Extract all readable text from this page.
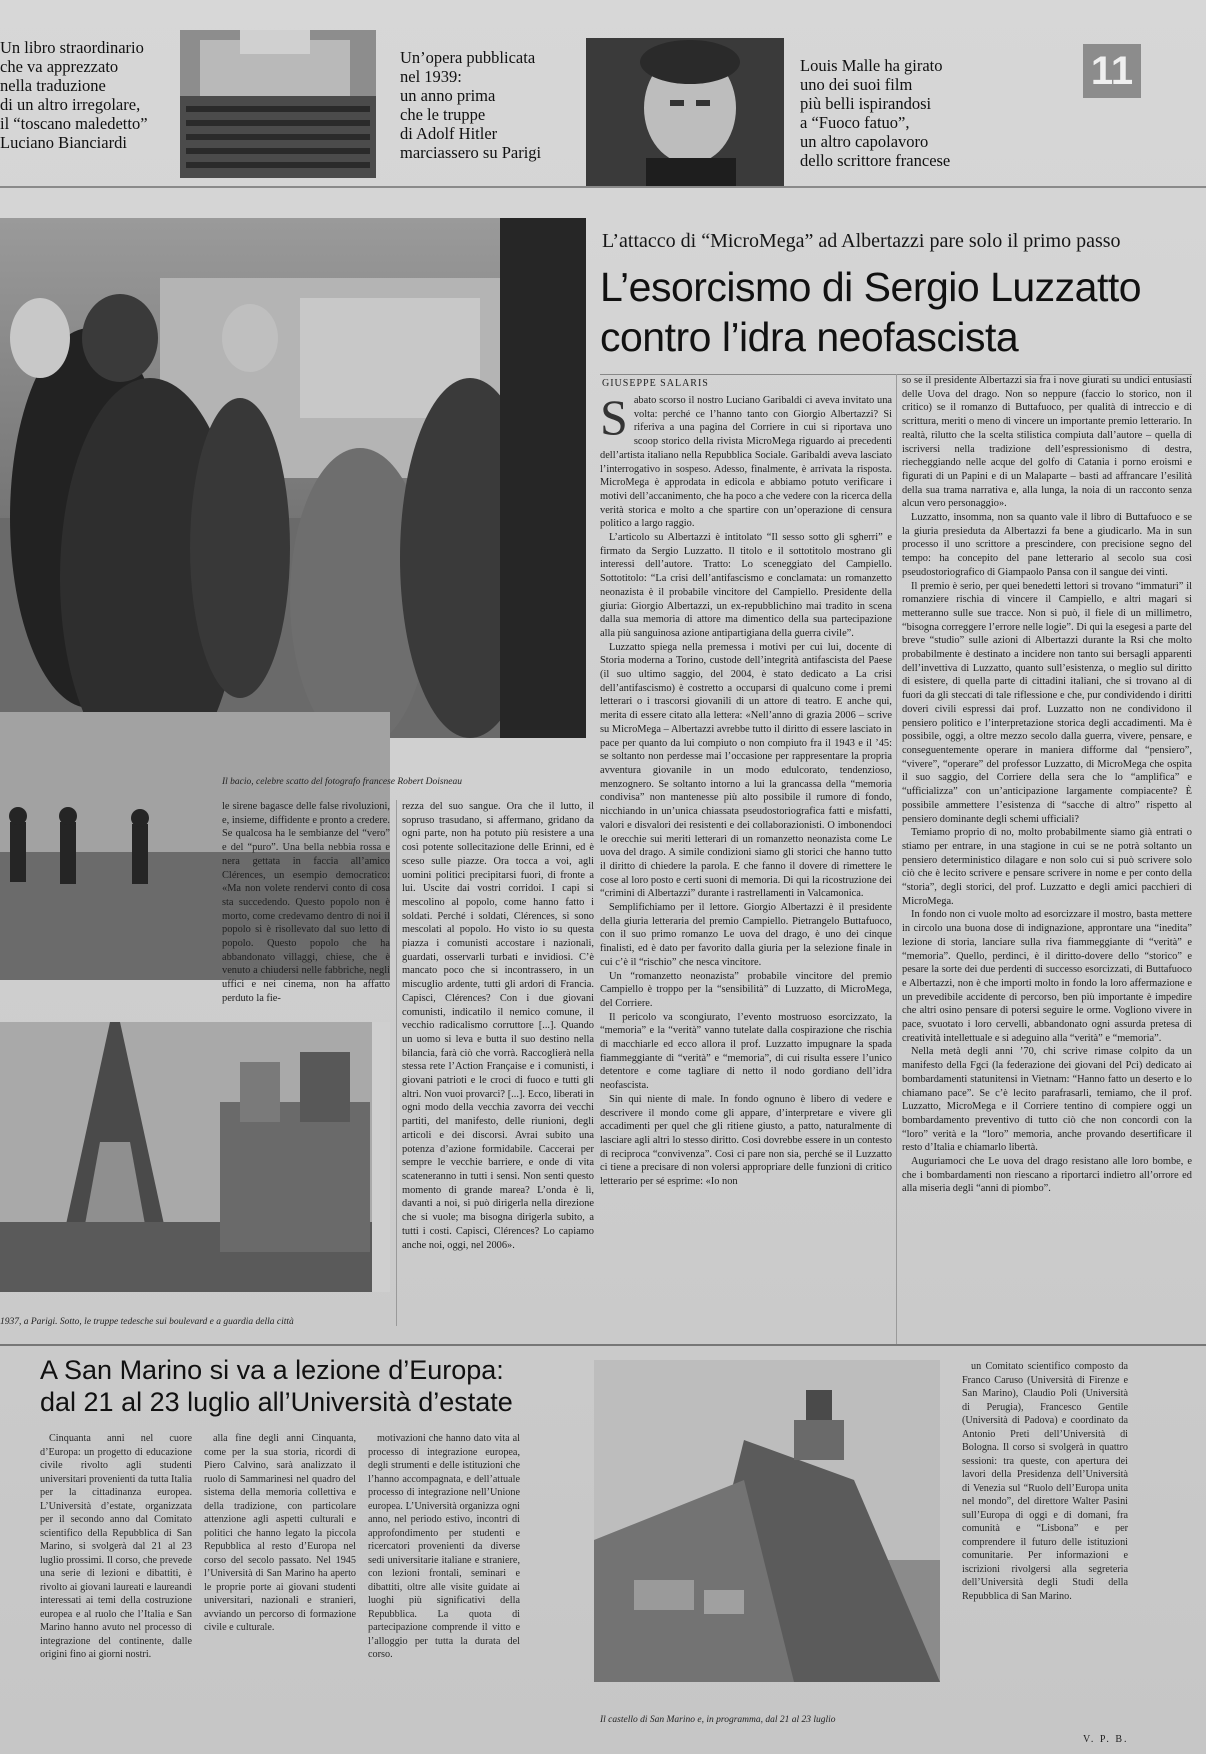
Un libro straordinario
che va apprezzato
nella traduzione
di un altro irregolare,
il “toscano maledetto”
Luciano Bianciardi
Un’opera pubblicata
nel 1939:
un anno prima
che le truppe
di Adolf Hitler
marciassero su Parigi
Louis Malle ha girato
uno dei suoi film
più belli ispirandosi
a “Fuoco fatuo”,
un altro capolavoro
dello scrittore francese
11
Il bacio, celebre scatto del fotografo francese Robert Doisneau
1937, a Parigi. Sotto, le truppe tedesche sui boulevard e a guardia della città
L’attacco di “MicroMega” ad Albertazzi pare solo il primo passo
L’esorcismo di Sergio Luzzatto
contro l’idra neofascista
GIUSEPPE SALARIS
S abato scorso il nostro Luciano Garibaldi ci aveva invitato una volta: perché ce l’hanno tanto con Giorgio Albertazzi? Si riferiva a una pagina del Corriere in cui si riportava uno scoop storico della rivista MicroMega riguardo ai precedenti dell’artista italiano nella Repubblica Sociale. Garibaldi aveva lasciato l’interrogativo in sospeso. Adesso, finalmente, è arrivata la risposta. MicroMega è approdata in edicola e abbiamo potuto verificare i motivi dell’accanimento, che ha poco a che vedere con la ricerca della verità storica e molto a che spartire con un’operazione di censura politico a largo raggio.

L’articolo su Albertazzi è intitolato “Il sesso sotto gli sgherri” e firmato da Sergio Luzzatto. Il titolo e il sottotitolo mostrano gli interessi dell’autore. Tratto: Lo sceneggiato del Campiello. Sottotitolo: “La crisi dell’antifascismo e conclamata: un romanzetto neonazista è il probabile vincitore del Campiello. Presidente della giuria: Giorgio Albertazzi, un ex-repubblichino mai tradito in scena dalla sua memoria di attore ma dimentico della sua partecipazione alla più sanguinosa azione antipartigiana della guerra civile”.

Luzzatto spiega nella premessa i motivi per cui lui, docente di Storia moderna a Torino, custode dell’integrità antifascista del Paese (il suo ultimo saggio, del 2004, è stato dedicato a La crisi dell’antifascismo) è costretto a occuparsi di qualcuno come i premi letterari o i trascorsi giovanili di un attore di teatro. E anche qui, merita di essere citato alla lettera: «Nell’anno di grazia 2006 – scrive su MicroMega – Albertazzi avrebbe tutto il diritto di essere lasciato in pace per quanto da lui compiuto o non compiuto fra il 1943 e il ’45: se soltanto non perdesse mai l’occasione per rappresentare la propria avventura giovanile in un modo edulcorato, tendenzioso, menzognero. Se soltanto intorno a lui la grancassa della “memoria condivisa” non mantenesse più alto possibile il rumore di fondo, nicchiando in un’unica chiassata pseudostoriografica fatti e misfatti, valori e disvalori dei resistenti e dei collaborazionisti. O imbonendoci le orecchie sui meriti letterari di un romanzetto neonazista come Le uova del drago. A simile condizioni siamo gli storici che hanno tutto il diritto di chiedere la parola. E che fanno il dovere di rimettere le cose al loro posto e certi suoni di memoria. Di qui la ricostruzione dei “crimini di Albertazzi” durante i rastrellamenti in Valcamonica.

Semplifichiamo per il lettore. Giorgio Albertazzi è il presidente della giuria letteraria del premio Campiello. Pietrangelo Buttafuoco, con il suo primo romanzo Le uova del drago, è uno dei cinque finalisti, ed è dato per favorito dalla giuria per la selezione finale in cui c’è il “rischio” che nesca vincitore.

Un “romanzetto neonazista” probabile vincitore del premio Campiello è troppo per la “sensibilità” di Luzzatto, di MicroMega, del Corriere.

Il pericolo va scongiurato, l’evento mostruoso esorcizzato, la “memoria” e la “verità” vanno tutelate dalla cospirazione che rischia di macchiarle ed ecco allora il prof. Luzzatto impugnare la spada fiammeggiante di “verità” e “memoria”, di cui risulta essere l’unico detentore e come tagliare di netto il nodo gordiano dell’idra neofascista.

Sin qui niente di male. In fondo ognuno è libero di vedere e descrivere il mondo come gli appare, d’interpretare e vivere gli accadimenti per quel che gli ritiene giusto, a patto, naturalmente di lasciare agli altri lo stesso diritto. Così dovrebbe essere in un contesto di reciproca “convivenza”. Così ci pare non sia, perché se il Luzzatto ci tiene a precisare di non volersi appropriare delle funzioni di critico letterario per sé esprime: «Io non

so se il presidente Albertazzi sia fra i nove giurati su undici entusiasti delle Uova del drago. Non so neppure (faccio lo storico, non il critico) se il romanzo di Buttafuoco, per qualità di intreccio e di scrittura, meriti o meno di vincere un importante premio letterario. In realtà, rilutto che la scelta stilistica compiuta dall’autore – quella di iscriversi nella tradizione dell’espressionismo di destra, riecheggiando nelle acque del golfo di Catania i porno eroismi e figurati di un Papini e di un Malaparte – basti ad affrancare l’esilità della sua trama narrativa e, alla lunga, la noia di un racconto senza alcun vero personaggio».

Luzzatto, insomma, non sa quanto vale il libro di Buttafuoco e se la giuria presieduta da Albertazzi fa bene a giudicarlo. Ma in sun processo il uno scrittore a prescindere, con precisione segno del tempo: ha concepito del pane letterario al secolo sua così pseudostoriografico di Giampaolo Pansa con il sangue dei vinti.

Il premio è serio, per quei benedetti lettori si trovano “immaturi” il romanziere rischia di vincere il Campiello, e altri magari si metteranno sulle sue tracce. Non si può, il fiele di un millimetro, “bisogna correggere l’errore nelle logie”. Di qui la esegesi a parte del breve “studio” sulle azioni di Albertazzi durante la Rsi che molto probabilmente è destinato a incidere non tanto sui bersagli apparenti dell’invettiva di Luzzatto, quanto sull’esistenza, o meglio sul diritto di esistere, di quella parte di cittadini italiani, che si trovano al di fuori da gli steccati di tale riflessione e che, pur condividendo i diritti doveri civili espressi dai prof. Luzzatto non ne condividono il pensiero politico e l’interpretazione storica degli accadimenti. Ma è possibile, oggi, a oltre mezzo secolo dalla guerra, vivere, pensare, e conseguentemente operare in maniera difforme dal “pensiero”, “vivere”, “operare” del professor Luzzatto, di MicroMega che ospita il suo saggio, del Corriere della sera che lo “amplifica” e “ufficializza” con un’anticipazione largamente compiacente? È possibile ammettere l’esistenza di “sacche di altro” rispetto al pensiero dominante degli schemi ufficiali?

Temiamo proprio di no, molto probabilmente siamo già entrati o stiamo per entrare, in una stagione in cui se ne potrà soltanto un pensiero deterministico dilagare e non solo cui si può scrivere solo ciò che è lecito scrivere e pensare scrivere in nome e per conto della “storia”, degli storici, del prof. Luzzatto e degli amici pacchieri di MicroMega.

In fondo non ci vuole molto ad esorcizzare il mostro, basta mettere in circolo una buona dose di indignazione, approntare una “inedita” lezione di storia, lanciare sulla riva fiammeggiante di “verità” e “memoria”. Quello, perdinci, è il diritto-dovere dello “storico” e pesare la sorte dei due perdenti di successo esorcizzati, di Buttafuoco e Albertazzi, non è che importi molto in fondo la loro affermazione e un prevedibile accidente di percorso, ben più importante è impedire che altri osino pensare di potersi seguire le orme. Vogliono vivere in pace, svuotato i loro cervelli, abbandonato ogni assurda pretesa di creatività intellettuale e si adeguino alla “verità” e “memoria”.

Nella metà degli anni ’70, chi scrive rimase colpito da un manifesto della Fgci (la federazione dei giovani del Pci) dedicato ai bombardamenti statunitensi in Vietnam: “Hanno fatto un deserto e lo chiamano pace”. Se c’è lecito parafrasarli, temiamo, che il prof. Luzzatto, MicroMega e il Corriere tentino di compiere oggi un bombardamento preventivo di tutto ciò che non concordi con la “loro” verità e la “loro” memoria, anche provando desertificare il resto d’Italia e chiamarlo libertà.

Auguriamoci che Le uova del drago resistano alle loro bombe, e che i bombardamenti non riescano a riportarci indietro all’orrore ed alla miseria degli “anni di piombo”.

le sirene bagasce delle false rivoluzioni, e, insieme, diffidente e pronto a credere. Se qualcosa ha le sembianze del “vero” e del “puro”. Una bella nebbia rossa e nera gettata in faccia all’amico Clérences, un esempio democratico: «Ma non volete rendervi conto di cosa sta succedendo. Questo popolo non è morto, come credevamo dentro di noi il popolo si è risollevato dal suo letto di popolo. Questo popolo che ha abbandonato villaggi, chiese, che è venuto a chiudersi nelle fabbriche, negli uffici e nei cinema, non ha affatto perduto la fie-

rezza del suo sangue. Ora che il lutto, il sopruso trasudano, si affermano, gridano da ogni parte, non ha potuto più resistere a una così potente sollecitazione delle Erinni, ed è sceso sulle piazze. Ora tocca a voi, agli uomini politici precipitarsi fuori, di fronte a lui. Uscite dai vostri corridoi. I capi si mescolino al popolo, come hanno fatto i soldati. Perché i soldati, Clérences, si sono mescolati al popolo. Ho visto io su questa piazza i comunisti accostare i nazionali, guardati, osservarli turbati e invidiosi. C’è mancato poco che si incontrassero, in un miscuglio ardente, tutti gli ardori di Francia. Capisci, Clérences? Con i due giovani comunisti, indicatilo il nemico comune, il vecchio radicalismo corruttore [...]. Quando un uomo si leva e butta il suo destino nella bilancia, farà ciò che vorrà. Raccoglierà nella stessa rete l’Action Française e i comunisti, i giovani patrioti e le croci di fuoco e tutti gli altri. Non vuoi provarci? [...]. Ecco, liberati in ogni modo della vecchia zavorra dei vecchi partiti, del manifesto, delle riunioni, degli articoli e dei discorsi. Avrai subito una potenza d’azione formidabile. Caccerai per sempre le vecchie barriere, e onde di vita scateneranno in tutti i sensi. Non senti questo momento di grande marea? L’onda è lì, davanti a noi, si può dirigerla nella direzione che si vuole; ma bisogna dirigerla subito, a tutti i costi. Capisci, Clérences? Lo capiamo anche noi, oggi, nel 2006».

A San Marino si va a lezione d’Europa:
dal 21 al 23 luglio all’Università d’estate

Cinquanta anni nel cuore d’Europa: un progetto di educazione civile rivolto agli studenti universitari provenienti da tutta Italia per la cittadinanza europea. L’Università d’estate, organizzata per il secondo anno dal Comitato scientifico della Repubblica di San Marino, si svolgerà dal 21 al 23 luglio prossimi. Il corso, che prevede una serie di lezioni e dibattiti, è rivolto ai giovani laureati e laureandi interessati ai temi della costruzione europea e al ruolo che l’Italia e San Marino hanno avuto nel processo di integrazione del continente, dalle origini fino ai giorni nostri.

alla fine degli anni Cinquanta, come per la sua storia, ricordi di Piero Calvino, sarà analizzato il ruolo di Sammarinesi nel quadro del sistema della memoria collettiva e della tradizione, con particolare attenzione agli aspetti culturali e politici che hanno legato la piccola Repubblica al resto d’Europa nel corso del secolo passato. Nel 1945 l’Università di San Marino ha aperto le proprie porte ai giovani studenti universitari, nazionali e stranieri, avviando un percorso di formazione civile e culturale.

motivazioni che hanno dato vita al processo di integrazione europea, degli strumenti e delle istituzioni che l’hanno accompagnata, e dell’attuale processo di integrazione nell’Unione europea. L’Università organizza ogni anno, nel periodo estivo, incontri di approfondimento per studenti e ricercatori provenienti da diverse sedi universitarie italiane e straniere, con lezioni frontali, seminari e dibattiti, oltre alle visite guidate ai luoghi più significativi della Repubblica. La quota di partecipazione comprende il vitto e l’alloggio per tutta la durata del corso.

Il castello di San Marino e, in programma, dal 21 al 23 luglio

un Comitato scientifico composto da Franco Caruso (Università di Firenze e San Marino), Claudio Poli (Università di Perugia), Francesco Gentile (Università di Padova) e coordinato da Antonio Preti dell’Università di Bologna. Il corso si svolgerà in quattro sessioni: tra queste, con apertura dei lavori della Presidenza dell’Università di Venezia sul “Ruolo dell’Europa unita nel mondo”, del direttore Walter Pasini sull’Europa di oggi e di domani, fra comunità e “Lisbona” e per comprendere il futuro delle istituzioni comunitarie. Per informazioni e iscrizioni rivolgersi alla segreteria dell’Università degli Studi della Repubblica di San Marino.

V. P. B.
